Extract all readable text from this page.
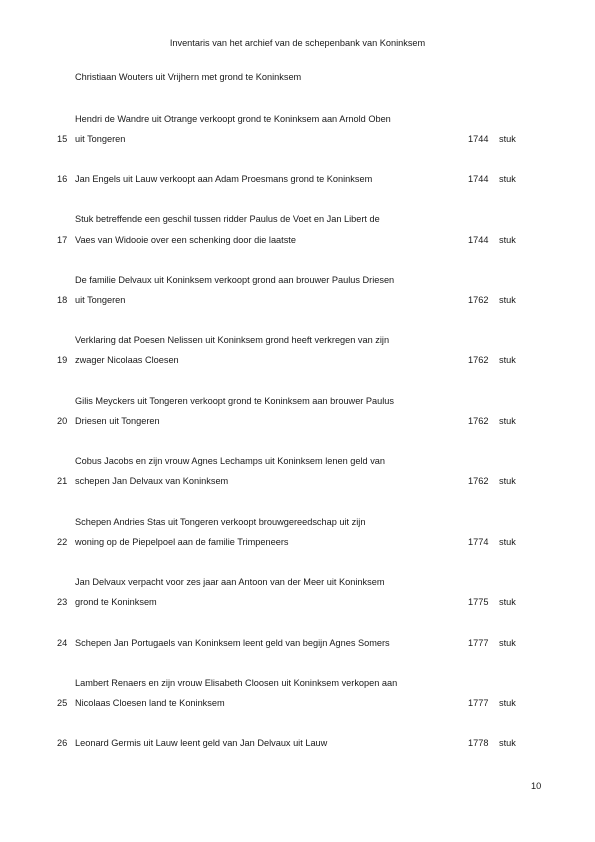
Inventaris van het archief van de schepenbank van Koninksem
Christiaan Wouters uit Vrijhern met grond te Koninksem
Hendri de Wandre uit Otrange verkoopt grond te Koninksem aan Arnold Oben
15 uit Tongeren	1744 stuk
16 Jan Engels uit Lauw verkoopt aan Adam Proesmans grond te Koninksem	1744 stuk
Stuk betreffende een geschil tussen ridder Paulus de Voet en Jan Libert de
17 Vaes van Widooie over een schenking door die laatste	1744 stuk
De familie Delvaux uit Koninksem verkoopt grond aan brouwer Paulus Driesen
18 uit Tongeren	1762 stuk
Verklaring dat Poesen Nelissen uit Koninksem grond heeft verkregen van zijn
19 zwager Nicolaas Cloesen	1762 stuk
Gilis Meyckers uit Tongeren verkoopt grond te Koninksem aan brouwer Paulus
20 Driesen uit Tongeren	1762 stuk
Cobus Jacobs en zijn vrouw Agnes Lechamps uit Koninksem lenen geld van
21 schepen Jan Delvaux van Koninksem	1762 stuk
Schepen Andries Stas uit Tongeren verkoopt brouwgereedschap uit zijn
22 woning op de Piepelpoel aan de familie Trimpeneers	1774 stuk
Jan Delvaux verpacht voor zes jaar aan Antoon van der Meer uit Koninksem
23 grond te Koninksem	1775 stuk
24 Schepen Jan Portugaels van Koninksem leent geld van begijn Agnes Somers	1777 stuk
Lambert Renaers en zijn vrouw Elisabeth Cloosen uit Koninksem verkopen aan
25 Nicolaas Cloesen land te Koninksem	1777 stuk
26 Leonard Germis uit Lauw leent geld van Jan Delvaux uit Lauw	1778 stuk
10
